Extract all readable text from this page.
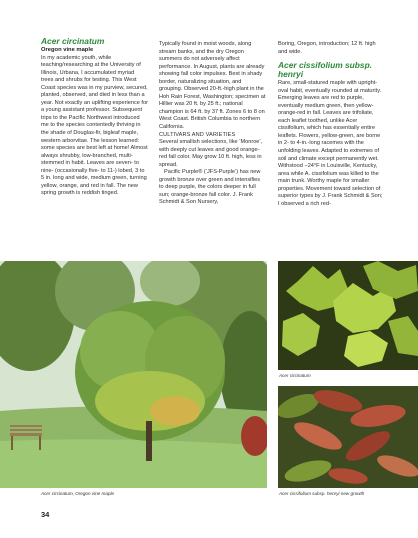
Acer circinatum
Oregon vine maple

In my academic youth, while teaching/researching at the University of Illinois, Urbana, I accumulated myriad trees and shrubs for testing. This West Coast species was in my purview, secured, planted, observed, and died in less than a year. Not exactly an uplifting experience for a young assistant professor. Subsequent trips to the Pacific Northwest introduced me to the species contentedly thriving in the shade of Douglas-fir, bigleaf maple, western arborvitae. The lesson learned: some species are best left at home! Almost always shrubby, low-branched, multi-stemmed in habit. Leaves are seven- to nine- (occasionally five- to 11-) lobed, 3 to 5 in. long and wide, medium green, turning yellow, orange, and red in fall. The new spring growth is reddish tinged.

Typically found in moist woods, along stream banks, and the dry Oregon summers do not adversely affect performance. In August, plants are already showing fall color impulses. Best in shady border, naturalizing situation, and grouping. Observed 20-ft.-high plant in the Hoh Rain Forest, Washington; specimen at Hillier was 20 ft. by 25 ft.; national champion is 64 ft. by 37 ft. Zones 6 to 8 on West Coast. British Columbia to northern California.

CULTIVARS AND VARIETIES

Several smallish selections, like ‘Monroe’, with deeply cut leaves and good orange-red fall color. May grow 10 ft. high, less in spread.

Pacific Purple® (‘JFS-Purple’) has new growth bronze over green and intensifies to deep purple, the colors deeper in full sun; orange-bronze fall color. J. Frank Schmidt & Son Nursery,

Boring, Oregon, introduction; 12 ft. high and wide.

Acer cissifolium subsp. henryi

Rare, small-statured maple with upright-oval habit, eventually rounded at maturity. Emerging leaves are red to purple, eventually medium green, then yellow-orange-red in fall. Leaves are trifoliate, each leaflet toothed, unlike Acer cissifolium, which has essentially entire leaflets. Flowers, yellow-green, are borne in 2- to 4-in.-long racemes with the unfolding leaves. Adapted to extremes of soil and climate except permanently wet. Withstood −24°F in Louisville, Kentucky, area while A. cissifolium was killed to the main trunk. Worthy maple for smaller properties. Movement toward selection of superior types by J. Frank Schmidt & Son; I observed a rich red-

Acer circinatum, Oregon vine maple
Acer circinatum
Acer cissifolium subsp. henryi new growth
34
